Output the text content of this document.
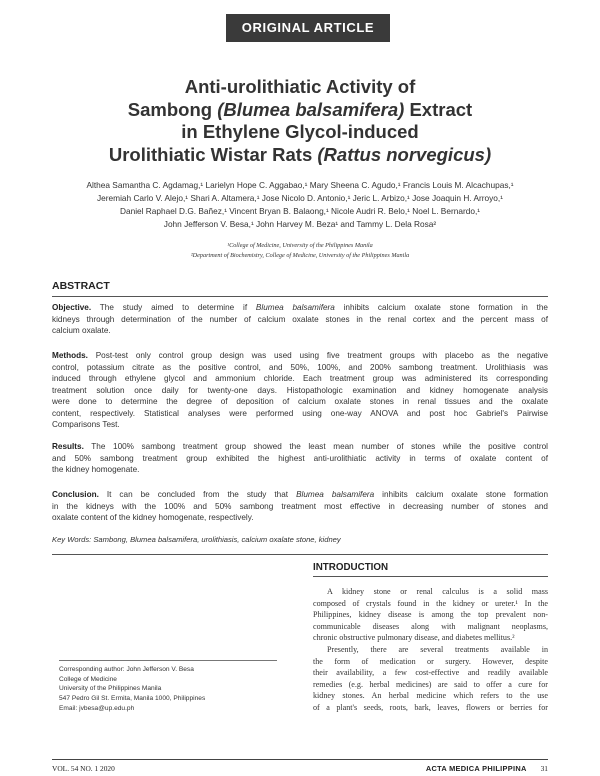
ORIGINAL ARTICLE
Anti-urolithiatic Activity of
Sambong (Blumea balsamifera) Extract
in Ethylene Glycol-induced
Urolithiatic Wistar Rats (Rattus norvegicus)
Althea Samantha C. Agdamag,¹ Larielyn Hope C. Aggabao,¹ Mary Sheena C. Agudo,¹ Francis Louis M. Alcachupas,¹
Jeremiah Carlo V. Alejo,¹ Shari A. Altamera,¹ Jose Nicolo D. Antonio,¹ Jeric L. Arbizo,¹ Jose Joaquin H. Arroyo,¹
Daniel Raphael D.G. Bañez,¹ Vincent Bryan B. Balaong,¹ Nicole Audri R. Belo,¹ Noel L. Bernardo,¹
John Jefferson V. Besa,¹ John Harvey M. Beza¹ and Tammy L. Dela Rosa²
¹College of Medicine, University of the Philippines Manila
²Department of Biochemistry, College of Medicine, University of the Philippines Manila
ABSTRACT
Objective. The study aimed to determine if Blumea balsamifera inhibits calcium oxalate stone formation in the
kidneys through determination of the number of calcium oxalate stones in the renal cortex and the percent mass of
calcium oxalate.
Methods. Post-test only control group design was used using five treatment groups with placebo as the negative
control, potassium citrate as the positive control, and 50%, 100%, and 200% sambong treatment. Urolithiasis was
induced through ethylene glycol and ammonium chloride. Each treatment group was administered its corresponding
treatment solution once daily for twenty-one days. Histopathologic examination and kidney homogenate analysis
were done to determine the degree of deposition of calcium oxalate stones in renal tissues and the oxalate
content, respectively. Statistical analyses were performed using one-way ANOVA and post hoc Gabriel's Pairwise
Comparisons Test.
Results. The 100% sambong treatment group showed the least mean number of stones while the positive control
and 50% sambong treatment group exhibited the highest anti-urolithiatic activity in terms of oxalate content of
the kidney homogenate.
Conclusion. It can be concluded from the study that Blumea balsamifera inhibits calcium oxalate stone formation
in the kidneys with the 100% and 50% sambong treatment most effective in decreasing number of stones and
oxalate content of the kidney homogenate, respectively.
Key Words: Sambong, Blumea balsamifera, urolithiasis, calcium oxalate stone, kidney
INTRODUCTION
A kidney stone or renal calculus is a solid mass
composed of crystals found in the kidney or ureter.¹ In the
Philippines, kidney disease is among the top prevalent non-
communicable diseases along with malignant neoplasms,
chronic obstructive pulmonary disease, and diabetes mellitus.²
Presently, there are several treatments available in
the form of medication or surgery. However, despite
their availability, a few cost-effective and readily available
remedies (e.g. herbal medicines) are said to offer a cure for
kidney stones. An herbal medicine which refers to the use
of a plant's seeds, roots, bark, leaves, flowers or berries for
Corresponding author: John Jefferson V. Besa
College of Medicine
University of the Philippines Manila
547 Pedro Gil St. Ermita, Manila 1000, Philippines
Email: jvbesa@up.edu.ph
VOL. 54 NO. 1 2020	ACTA MEDICA PHILIPPINA 31
